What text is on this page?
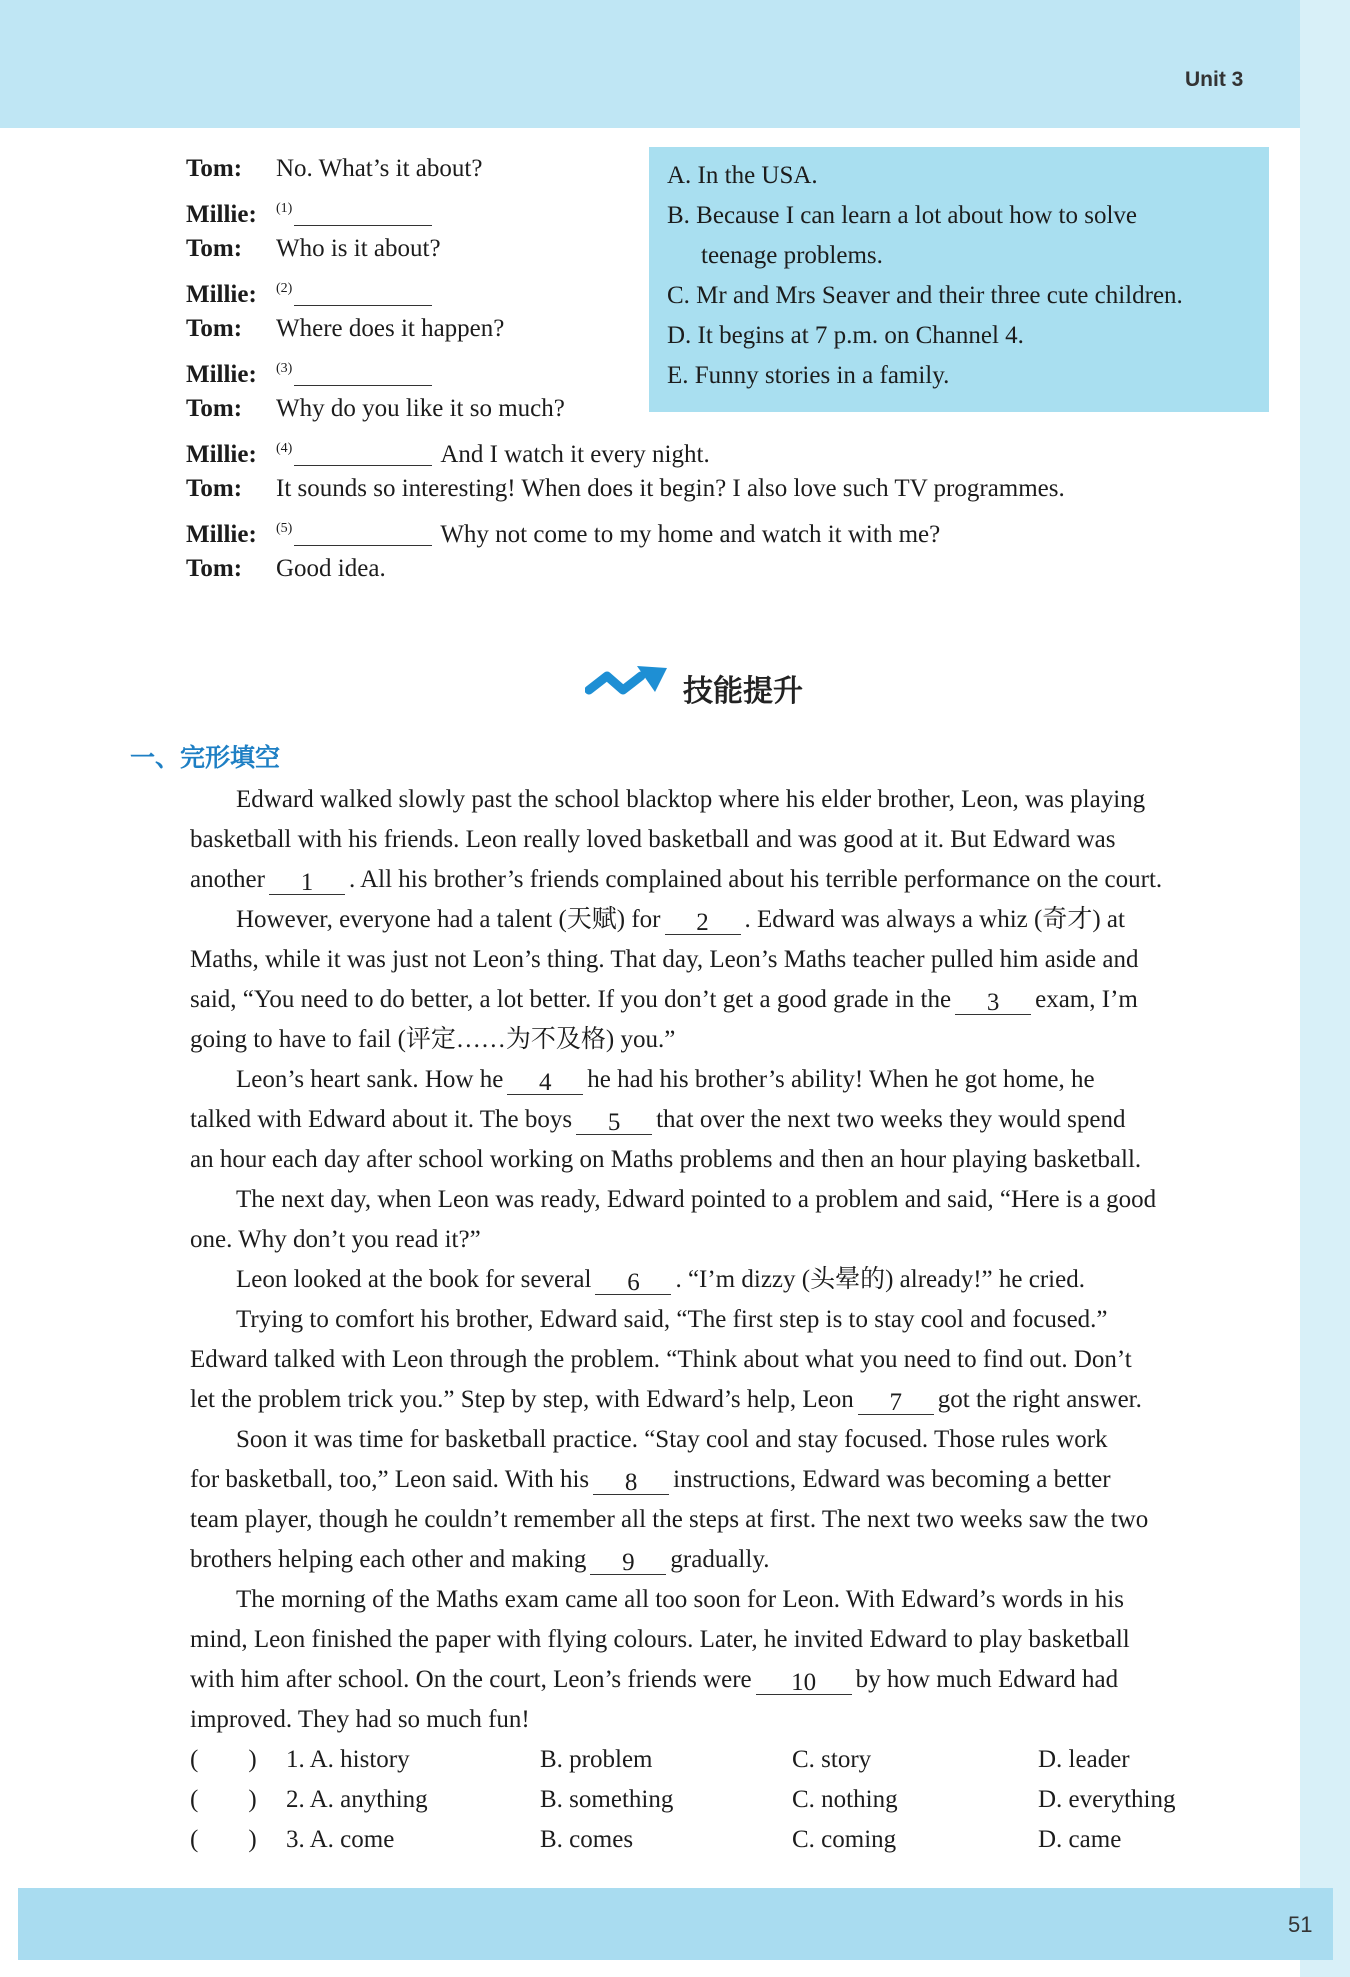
Unit 3
Tom: No. What’s it about?
Millie: $^{(1)}$
Tom: Who is it about?
Millie: $^{(2)}$
Tom: Where does it happen?
Millie: $^{(3)}$
Tom: Why do you like it so much?
Millie: $^{(4)}$	And I watch it every night.
Tom: It sounds so interesting! When does it begin? I also love such TV programmes.
Millie: $^{(5)}$	Why not come to my home and watch it with me?
Tom: Good idea.
A. In the USA.
B. Because I can learn a lot about how to solve
teenage problems.
C. Mr and Mrs Seaver and their three cute children.
D. It begins at 7 p.m. on Channel 4.
E. Funny stories in a family.
技能提升
一、完形填空
Edward walked slowly past the school blacktop where his elder brother, Leon, was playing
basketball with his friends. Leon really loved basketball and was good at it. But Edward was
another 1 . All his brother’s friends complained about his terrible performance on the court.
However, everyone had a talent (天赋) for 2 . Edward was always a whiz (奇才) at
Maths, while it was just not Leon’s thing. That day, Leon’s Maths teacher pulled him aside and
said, “You need to do better, a lot better. If you don’t get a good grade in the 3 exam, I’m
going to have to fail (评定……为不及格) you.”
Leon’s heart sank. How he 4 he had his brother’s ability! When he got home, he
talked with Edward about it. The boys 5 that over the next two weeks they would spend
an hour each day after school working on Maths problems and then an hour playing basketball.
The next day, when Leon was ready, Edward pointed to a problem and said, “Here is a good
one. Why don’t you read it?”
Leon looked at the book for several 6 . “I’m dizzy (头晕的) already!” he cried.
Trying to comfort his brother, Edward said, “The first step is to stay cool and focused.”
Edward talked with Leon through the problem. “Think about what you need to find out. Don’t
let the problem trick you.” Step by step, with Edward’s help, Leon 7 got the right answer.
Soon it was time for basketball practice. “Stay cool and stay focused. Those rules work
for basketball, too,” Leon said. With his 8 instructions, Edward was becoming a better
team player, though he couldn’t remember all the steps at first. The next two weeks saw the two
brothers helping each other and making 9 gradually.
The morning of the Maths exam came all too soon for Leon. With Edward’s words in his
mind, Leon finished the paper with flying colours. Later, he invited Edward to play basketball
with him after school. On the court, Leon’s friends were 10 by how much Edward had
improved. They had so much fun!
(　　) 1. A. history	B. problem	C. story	D. leader
(　　) 2. A. anything	B. something	C. nothing	D. everything
(　　) 3. A. come	B. comes	C. coming	D. came
51
